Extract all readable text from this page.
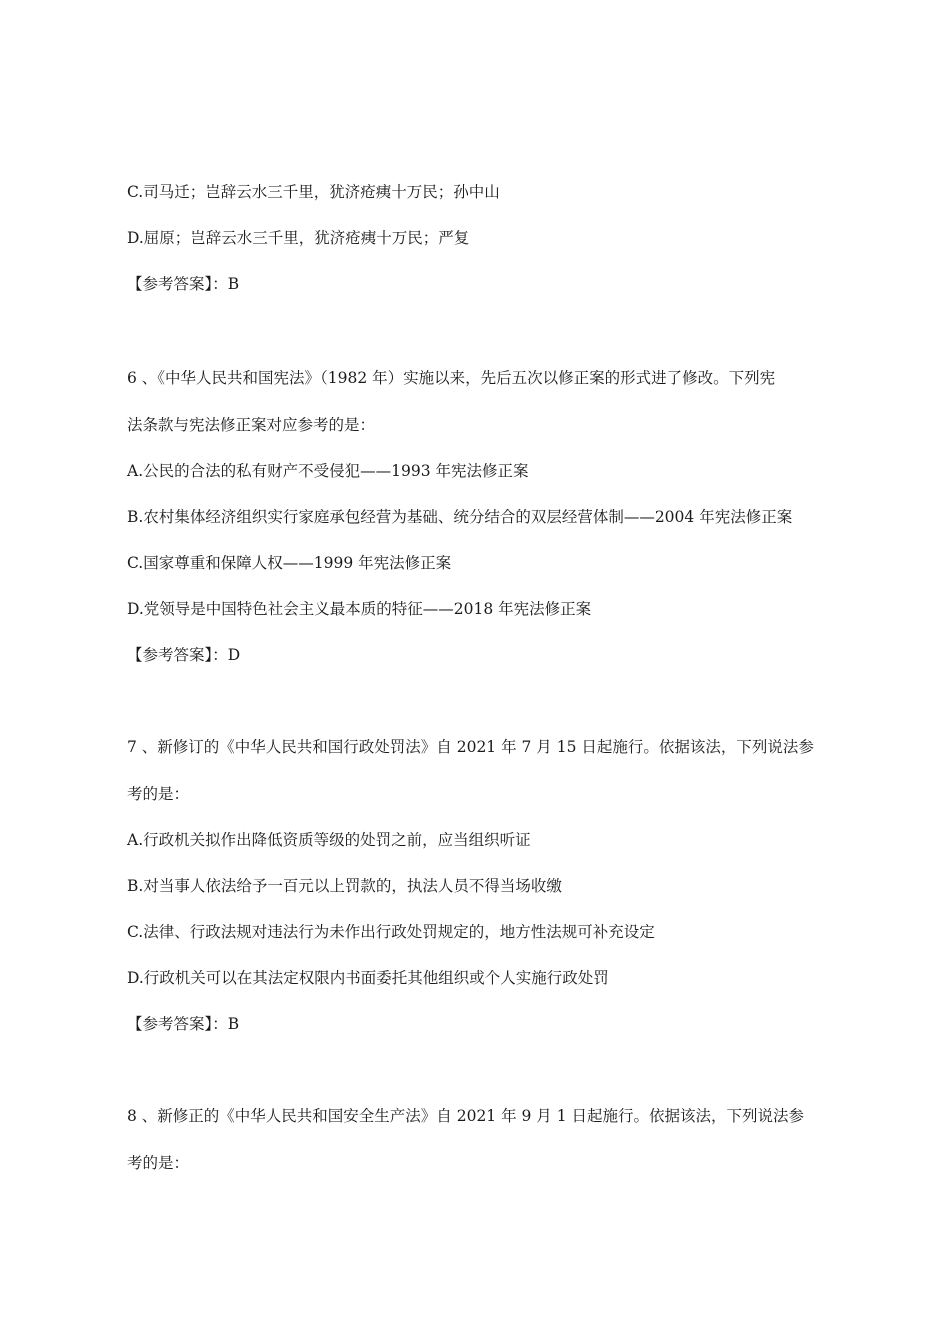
C.司马迁；岂辞云水三千里，犹济疮痍十万民；孙中山
D.屈原；岂辞云水三千里，犹济疮痍十万民；严复
【参考答案】：B
6 、《中华人民共和国宪法》（1982 年）实施以来，先后五次以修正案的形式进了修改。下列宪
法条款与宪法修正案对应参考的是：
A.公民的合法的私有财产不受侵犯——1993 年宪法修正案
B.农村集体经济组织实行家庭承包经营为基础、统分结合的双层经营体制——2004 年宪法修正案
C.国家尊重和保障人权——1999 年宪法修正案
D.党领导是中国特色社会主义最本质的特征——2018 年宪法修正案
【参考答案】：D
7 、新修订的《中华人民共和国行政处罚法》自 2021 年 7 月 15 日起施行。依据该法，下列说法参
考的是：
A.行政机关拟作出降低资质等级的处罚之前，应当组织听证
B.对当事人依法给予一百元以上罚款的，执法人员不得当场收缴
C.法律、行政法规对违法行为未作出行政处罚规定的，地方性法规可补充设定
D.行政机关可以在其法定权限内书面委托其他组织或个人实施行政处罚
【参考答案】：B
8 、新修正的《中华人民共和国安全生产法》自 2021 年 9 月 1 日起施行。依据该法，下列说法参
考的是：
